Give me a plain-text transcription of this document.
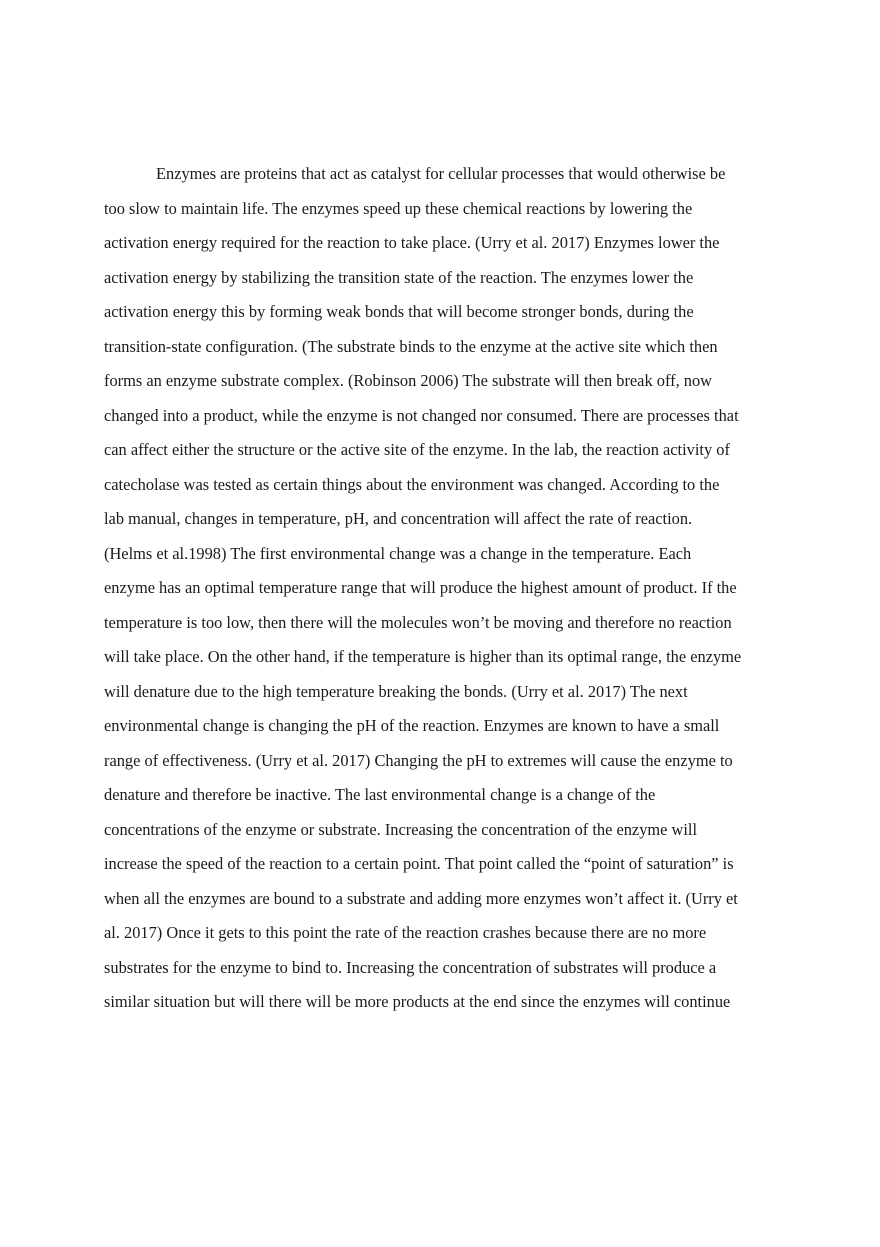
Enzymes are proteins that act as catalyst for cellular processes that would otherwise be

too slow to maintain life. The enzymes speed up these chemical reactions by lowering the

activation energy required for the reaction to take place. (Urry et al. 2017) Enzymes lower the

activation energy by stabilizing the transition state of the reaction. The enzymes lower the

activation energy this by forming weak bonds that will become stronger bonds, during the

transition-state configuration. (The substrate binds to the enzyme at the active site which then

forms an enzyme substrate complex. (Robinson 2006) The substrate will then break off, now

changed into a product, while the enzyme is not changed nor consumed. There are processes that

can affect either the structure or the active site of the enzyme. In the lab, the reaction activity of

catecholase was tested as certain things about the environment was changed. According to the

lab manual, changes in temperature, pH, and concentration will affect the rate of reaction.

(Helms et al.1998) The first environmental change was a change in the temperature. Each

enzyme has an optimal temperature range that will produce the highest amount of product. If the

temperature is too low, then there will the molecules won’t be moving and therefore no reaction

will take place. On the other hand, if the temperature is higher than its optimal range, the enzyme

will denature due to the high temperature breaking the bonds. (Urry et al. 2017) The next

environmental change is changing the pH of the reaction. Enzymes are known to have a small

range of effectiveness. (Urry et al. 2017) Changing the pH to extremes will cause the enzyme to

denature and therefore be inactive. The last environmental change is a change of the

concentrations of the enzyme or substrate. Increasing the concentration of the enzyme will

increase the speed of the reaction to a certain point. That point called the “point of saturation” is

when all the enzymes are bound to a substrate and adding more enzymes won’t affect it. (Urry et

al. 2017) Once it gets to this point the rate of the reaction crashes because there are no more

substrates for the enzyme to bind to. Increasing the concentration of substrates will produce a

similar situation but will there will be more products at the end since the enzymes will continue
